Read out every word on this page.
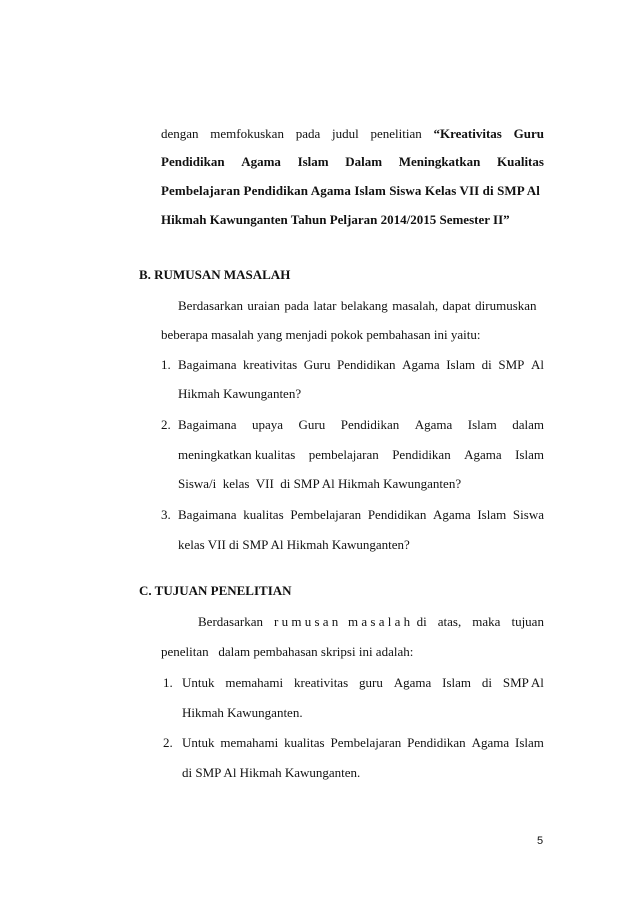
dengan memfokuskan pada judul penelitian “Kreativitas Guru
Pendidikan Agama Islam Dalam Meningkatkan Kualitas
Pembelajaran Pendidikan Agama Islam Siswa Kelas VII di SMP Al
Hikmah Kawunganten Tahun Peljaran 2014/2015 Semester II”
B. RUMUSAN MASALAH
Berdasarkan uraian pada latar belakang masalah, dapat dirumuskan
beberapa masalah yang menjadi pokok pembahasan ini yaitu:
1. Bagaimana kreativitas Guru Pendidikan Agama Islam di SMP Al
Hikmah Kawunganten?
2. Bagaimana upaya Guru Pendidikan Agama Islam dalam
meningkatkan kualitas pembelajaran Pendidikan Agama Islam
Siswa/i  kelas  VII  di SMP Al Hikmah Kawunganten?
3. Bagaimana kualitas Pembelajaran Pendidikan Agama Islam Siswa
kelas VII di SMP Al Hikmah Kawunganten?
C. TUJUAN PENELITIAN
Berdasarkan r u m u s a n   m a s a l a h  di atas, maka tujuan
penelitan   dalam pembahasan skripsi ini adalah:
1. Untuk memahami kreativitas guru Agama Islam di SMP Al
Hikmah Kawunganten.
2. Untuk memahami kualitas Pembelajaran Pendidikan Agama Islam
di SMP Al Hikmah Kawunganten.
5
